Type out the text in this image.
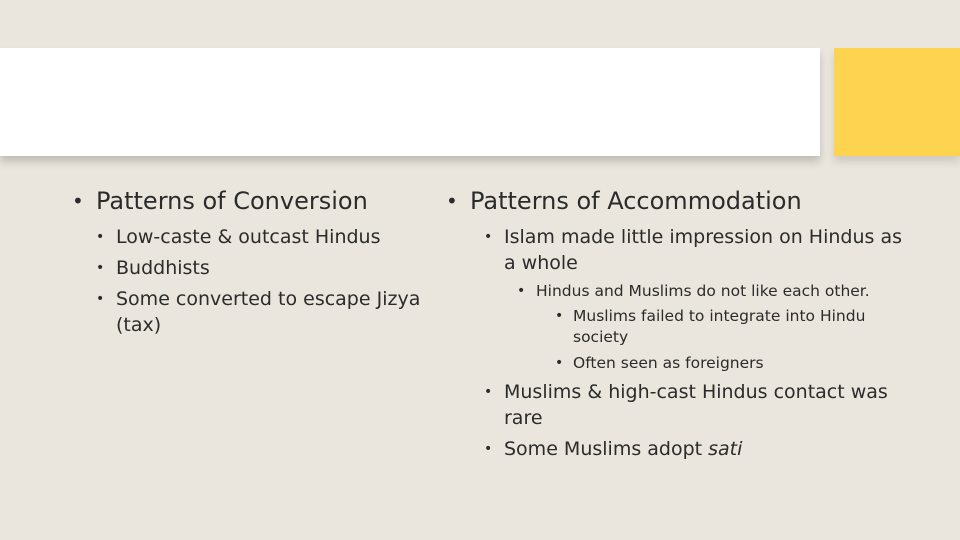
• Patterns of Conversion
• Low-caste & outcast Hindus
• Buddhists
• Some converted to escape Jizya (tax)
• Patterns of Accommodation
• Islam made little impression on Hindus as a whole
• Hindus and Muslims do not like each other.
• Muslims failed to integrate into Hindu society
• Often seen as foreigners
• Muslims & high-cast Hindus contact was rare
• Some Muslims adopt sati
